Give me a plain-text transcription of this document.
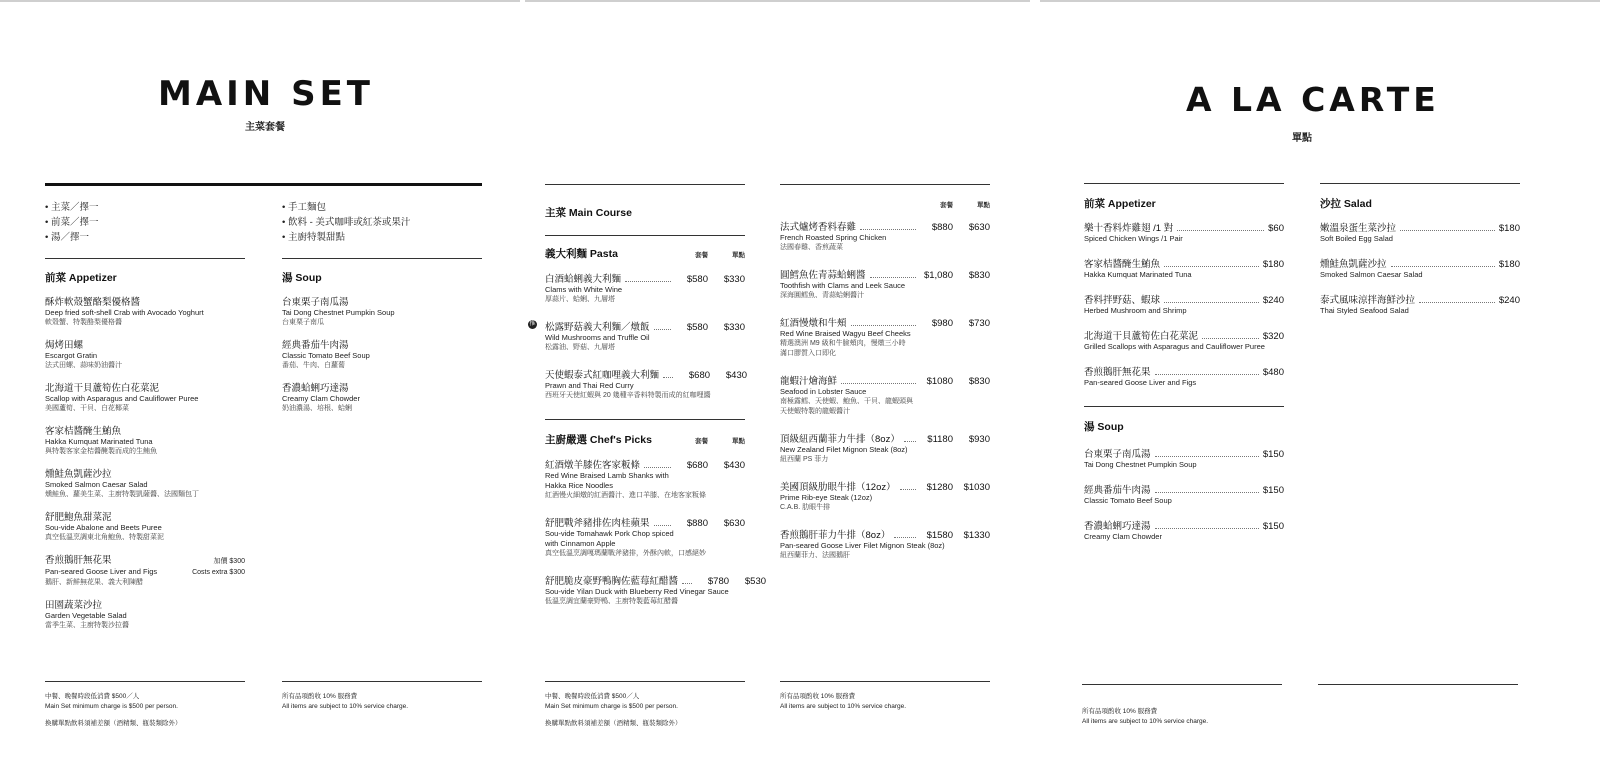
MAIN SET
主菜套餐
• 主菜／擇一
• 前菜／擇一
• 湯／擇一
• 手工麵包
• 飲料 - 美式咖啡或紅茶或果汁
• 主廚特製甜點
前菜 Appetizer
酥炸軟殼蟹酪梨優格醬
Deep fried soft-shell Crab with Avocado Yoghurt
軟殼蟹、特製酪梨優格醬
焗烤田螺
Escargot Gratin
法式田螺、蒜味奶油醬汁
北海道干貝蘆筍佐白花菜泥
Scallop with Asparagus and Cauliflower Puree
美國蘆筍、干貝、白花椰菜
客家桔醬醃生鮪魚
Hakka Kumquat Marinated Tuna
與特製客家金桔醬醃製而成的生鮪魚
燻鮭魚凱薩沙拉
Smoked Salmon Caesar Salad
燻鮭魚、蘿美生菜、主廚特製凱薩醬、法國麵包丁
舒肥鮑魚甜菜泥
Sou-vide Abalone and Beets Puree
真空低溫烹調東北角鮑魚、特製甜菜泥
香煎鵝肝無花果	加價 $300
Pan-seared Goose Liver and Figs	Costs extra $300
鵝肝、新鮮無花果、義大利陳醋
田園蔬菜沙拉
Garden Vegetable Salad
當季生菜、主廚特製沙拉醬
湯 Soup
台東栗子南瓜湯
Tai Dong Chestnet Pumpkin Soup
台東栗子南瓜
經典番茄牛肉湯
Classic Tomato Beef Soup
番茄、牛肉、白蘿蔔
香濃蛤蜊巧達湯
Creamy Clam Chowder
奶油濃湯、培根、蛤蜊
中餐、晚餐時段低消費 $500／人
Main Set minimum charge is $500 per person.
換購單點飲料須補差額（酒精類、瓶裝類除外）
所有品項酌收 10% 服務費
All items are subject to 10% service charge.
主菜 Main Course
義大利麵 Pasta	套餐	單點
白酒蛤蜊義大利麵	$580	$330
Clams with White Wine
厚蒜片、蛤蜊、九層塔
推 松露野菇義大利麵／燉飯	$580	$330
Wild Mushrooms and Truffle Oil
松露油、野菇、九層塔
天使蝦泰式紅咖哩義大利麵	$680	$430
Prawn and Thai Red Curry
西班牙天使紅蝦與 20 幾種辛香料特製而成的紅咖哩醬
主廚嚴選 Chef's Picks	套餐	單點
紅酒燉羊膝佐客家粄條	$680	$430
Red Wine Braised Lamb Shanks with
Hakka Rice Noodles
紅酒慢火細燉的紅酒醬汁、進口羊膝、在地客家粄條
舒肥戰斧豬排佐肉桂蘋果	$880	$630
Sou-vide Tomahawk Pork Chop spiced
with Cinnamon Apple
真空低溫烹調嘎瑪蘭戰斧豬排，外酥內軟，口感絕妙
舒肥脆皮豪野鴨胸佐藍莓紅醋醬	$780	$530
Sou-vide Yilan Duck with Blueberry Red Vinegar Sauce
低溫烹調宜蘭豪野鴨、主廚特製藍莓紅醋醬
中餐、晚餐時段低消費 $500／人
Main Set minimum charge is $500 per person.
換購單點飲料須補差額（酒精類、瓶裝類除外）
套餐	單點
法式爐烤香料春雞	$880	$630
French Roasted Spring Chicken
法國春雞、香煎蔬菜
圓鱈魚佐青蒜蛤蜊醬	$1,080	$830
Toothfish with Clams and Leek Sauce
深海圓鱈魚、青蒜蛤蜊醬汁
紅酒慢燉和牛頰	$980	$730
Red Wine Braised Wagyu Beef Cheeks
精選澳洲 M9 級和牛臉頰肉，慢燉三小時
滿口膠質入口即化
龍蝦汁燴海鮮	$1080	$830
Seafood in Lobster Sauce
南極露鱈、天使蝦、鮑魚、干貝、龍蝦頭與
天使蝦特製的龍蝦醬汁
頂級紐西蘭菲力牛排（8oz）	$1180	$930
New Zealand Filet Mignon Steak (8oz)
紐西蘭 PS 菲力
美國頂級肋眼牛排（12oz）	$1280	$1030
Prime Rib-eye Steak (12oz)
C.A.B. 肋眼牛排
香煎鵝肝菲力牛排（8oz）	$1580	$1330
Pan-seared Goose Liver Filet Mignon Steak (8oz)
紐西蘭菲力、法國鵝肝
所有品項酌收 10% 服務費
All items are subject to 10% service charge.
A LA CARTE
單點
前菜 Appetizer
樂十香料炸雞翅 /1 對	$60
Spiced Chicken Wings /1 Pair
客家桔醬醃生鮪魚	$180
Hakka Kumquat Marinated Tuna
香料拌野菇、蝦球	$240
Herbed Mushroom and Shrimp
北海道干貝蘆筍佐白花菜泥	$320
Grilled Scallops with Asparagus and Cauliflower Puree
香煎鵝肝無花果	$480
Pan-seared Goose Liver and Figs
湯 Soup
台東栗子南瓜湯	$150
Tai Dong Chestnet Pumpkin Soup
經典番茄牛肉湯	$150
Classic Tomato Beef Soup
香濃蛤蜊巧達湯	$150
Creamy Clam Chowder
沙拉 Salad
嫩溫泉蛋生菜沙拉	$180
Soft Boiled Egg Salad
燻鮭魚凱薩沙拉	$180
Smoked Salmon Caesar Salad
泰式風味涼拌海鮮沙拉	$240
Thai Styled Seafood Salad
所有品項酌收 10% 服務費
All items are subject to 10% service charge.
